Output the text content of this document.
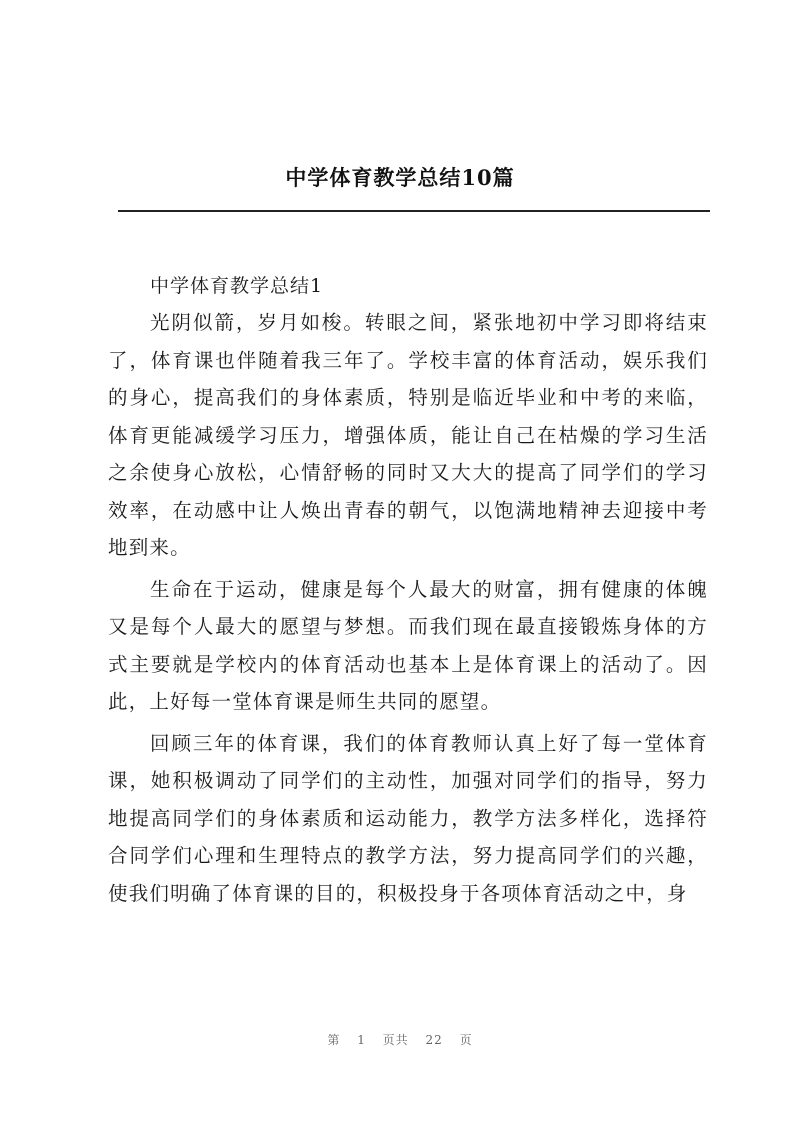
中学体育教学总结10篇

中学体育教学总结1

光阴似箭，岁月如梭。转眼之间，紧张地初中学习即将结束了，体育课也伴随着我三年了。学校丰富的体育活动，娱乐我们的身心，提高我们的身体素质，特别是临近毕业和中考的来临，体育更能减缓学习压力，增强体质，能让自己在枯燥的学习生活之余使身心放松，心情舒畅的同时又大大的提高了同学们的学习效率，在动感中让人焕出青春的朝气，以饱满地精神去迎接中考地到来。

生命在于运动，健康是每个人最大的财富，拥有健康的体魄又是每个人最大的愿望与梦想。而我们现在最直接锻炼身体的方式主要就是学校内的体育活动也基本上是体育课上的活动了。因此，上好每一堂体育课是师生共同的愿望。

回顾三年的体育课，我们的体育教师认真上好了每一堂体育课，她积极调动了同学们的主动性，加强对同学们的指导，努力地提高同学们的身体素质和运动能力，教学方法多样化，选择符合同学们心理和生理特点的教学方法，努力提高同学们的兴趣，使我们明确了体育课的目的，积极投身于各项体育活动之中，身

第 1 页共 22 页
